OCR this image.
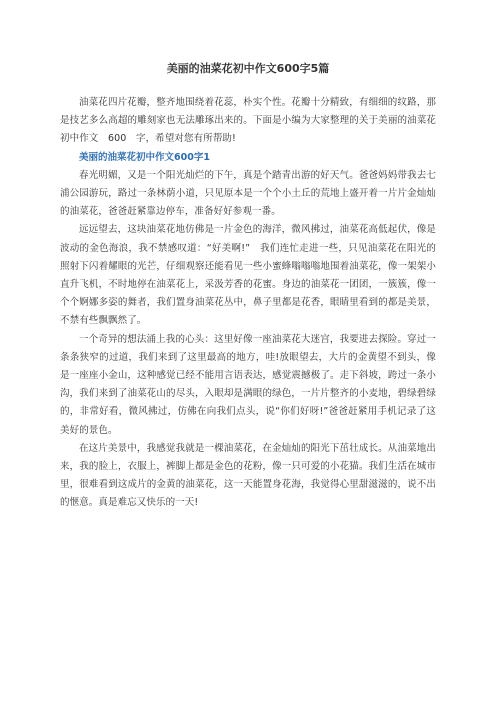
美丽的油菜花初中作文600字5篇

油菜花四片花瓣，整齐地围绕着花蕊，朴实个性。花瓣十分精致，有细细的纹路，那是技艺多么高超的雕刻家也无法雕琢出来的。下面是小编为大家整理的关于美丽的油菜花初中作文　600　字，希望对您有所帮助!

美丽的油菜花初中作文600字1

春光明媚，又是一个阳光灿烂的下午，真是个踏青出游的好天气。爸爸妈妈带我去七浦公园游玩，路过一条林荫小道，只见原本是一个个小土丘的荒地上盛开着一片片金灿灿的油菜花，爸爸赶紧靠边停车，准备好好参观一番。

远远望去，这块油菜花地仿佛是一片金色的海洋，微风拂过，油菜花高低起伏，像是波动的金色海浪，我不禁感叹道：“好美啊!”　我们连忙走进一些，只见油菜花在阳光的照射下闪着耀眼的光芒，仔细观察还能看见一些小蜜蜂嗡嗡嗡地围着油菜花，像一架架小直升飞机，不时地停在油菜花上，采汲芳香的花蜜。身边的油菜花一团团，一簇簇，像一个个婀娜多姿的舞者，我们置身油菜花丛中，鼻子里都是花香，眼睛里看到的都是美景，不禁有些飘飘然了。

一个奇异的想法涌上我的心头：这里好像一座油菜花大迷宫，我要进去探险。穿过一条条狭窄的过道，我们来到了这里最高的地方，哇!放眼望去，大片的金黄望不到头，像是一座座小金山，这种感觉已经不能用言语表达，感觉震撼极了。走下斜坡，跨过一条小沟，我们来到了油菜花山的尽头，入眼却是满眼的绿色，一片片整齐的小麦地，碧绿碧绿的，非常好看，微风拂过，仿佛在向我们点头，说“你们好呀!”爸爸赶紧用手机记录了这美好的景色。

在这片美景中，我感觉我就是一棵油菜花，在金灿灿的阳光下茁壮成长。从油菜地出来，我的脸上，衣服上，裤脚上都是金色的花粉，像一只可爱的小花猫。我们生活在城市里，很难看到这成片的金黄的油菜花，这一天能置身花海，我觉得心里甜滋滋的，说不出的惬意。真是难忘又快乐的一天!
